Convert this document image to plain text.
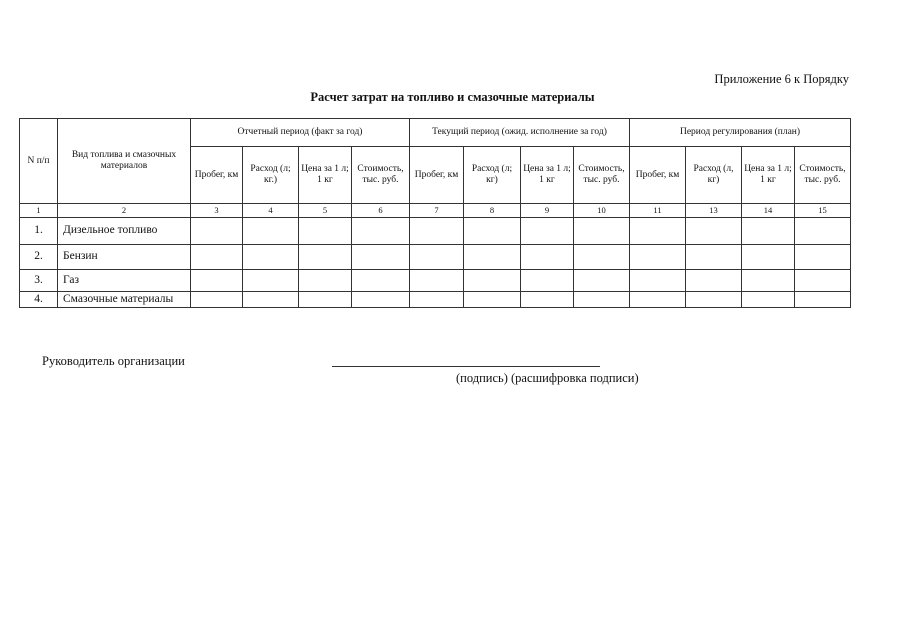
Приложение 6 к Порядку
Расчет затрат на топливо и смазочные материалы
N п/п	Вид топлива и смазочных материалов	Отчетный период (факт за год)				Текущий период (ожид. исполнение за год)				Период регулирования (план)			
		Пробег, км	Расход (л; кг.)	Цена за 1 л; 1 кг	Стоимость, тыс. руб.	Пробег, км	Расход (л; кг)	Цена за 1 л; 1 кг	Стоимость, тыс. руб.	Пробег, км	Расход (л, кг)	Цена за 1 л; 1 кг	Стоимость, тыс. руб.
1	2	3	4	5	6	7	8	9	10	11	13	14	15
1.	Дизельное топливо												
2.	Бензин												
3.	Газ												
4.	Смазочные материалы												
Руководитель организации
(подпись) (расшифровка подписи)
